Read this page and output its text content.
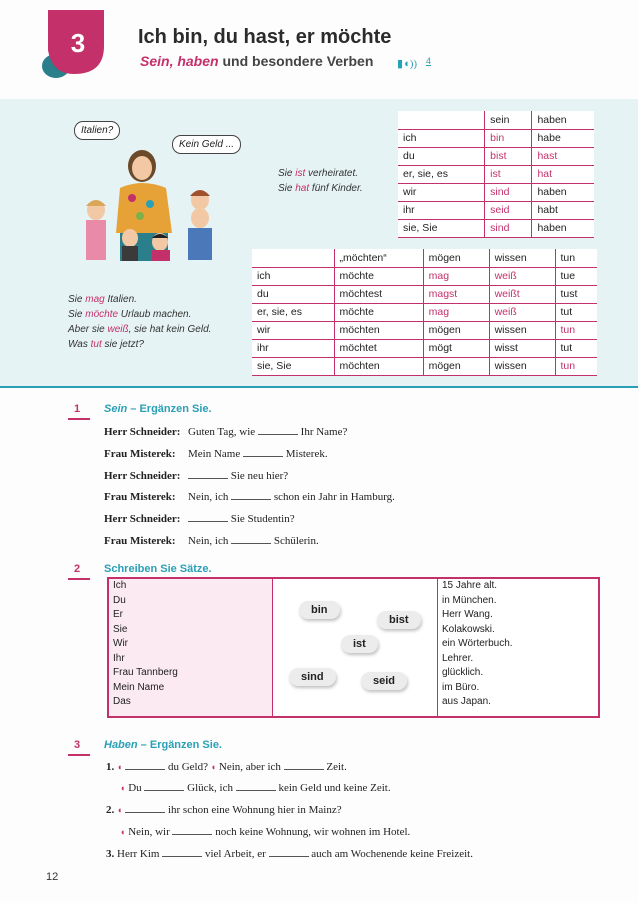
3	Ich bin, du hast, er möchte
Sein, haben und besondere Verben ▮◖)) 4
Italien?
Kein Geld ...
Sie ist verheiratet.
Sie hat fünf Kinder.
Sie mag Italien.
Sie möchte Urlaub machen.
Aber sie weiß, sie hat kein Geld.
Was tut sie jetzt?
	sein	haben
ich	bin	habe
du	bist	hast
er, sie, es	ist	hat
wir	sind	haben
ihr	seid	habt
sie, Sie	sind	haben
	„möchten“	mögen	wissen	tun
ich	möchte	mag	weiß	tue
du	möchtest	magst	weißt	tust
er, sie, es	möchte	mag	weiß	tut
wir	möchten	mögen	wissen	tun
ihr	möchtet	mögt	wisst	tut
sie, Sie	möchten	mögen	wissen	tun
1 Sein – Ergänzen Sie.
Herr Schneider: Guten Tag, wie	Ihr Name?
Frau Misterek: Mein Name	Misterek.
Herr Schneider:	Sie neu hier?
Frau Misterek: Nein, ich	schon ein Jahr in Hamburg.
Herr Schneider:	Sie Studentin?
Frau Misterek: Nein, ich	Schülerin.
2 Schreiben Sie Sätze.
Ich
Du
Er
Sie
Wir
Ihr
Frau Tannberg
Mein Name
Das
bin
bist
ist
sind	seid
15 Jahre alt.
in München.
Herr Wang.
Kolakowski.
ein Wörterbuch.
Lehrer.
glücklich.
im Büro.
aus Japan.
3 Haben – Ergänzen Sie.
1. ◖	du Geld? ◖ Nein, aber ich	Zeit.
◖ Du	Glück, ich	kein Geld und keine Zeit.
2. ◖	ihr schon eine Wohnung hier in Mainz?
◖ Nein, wir	noch keine Wohnung, wir wohnen im Hotel.
3. Herr Kim	viel Arbeit, er	auch am Wochenende keine Freizeit.
12
